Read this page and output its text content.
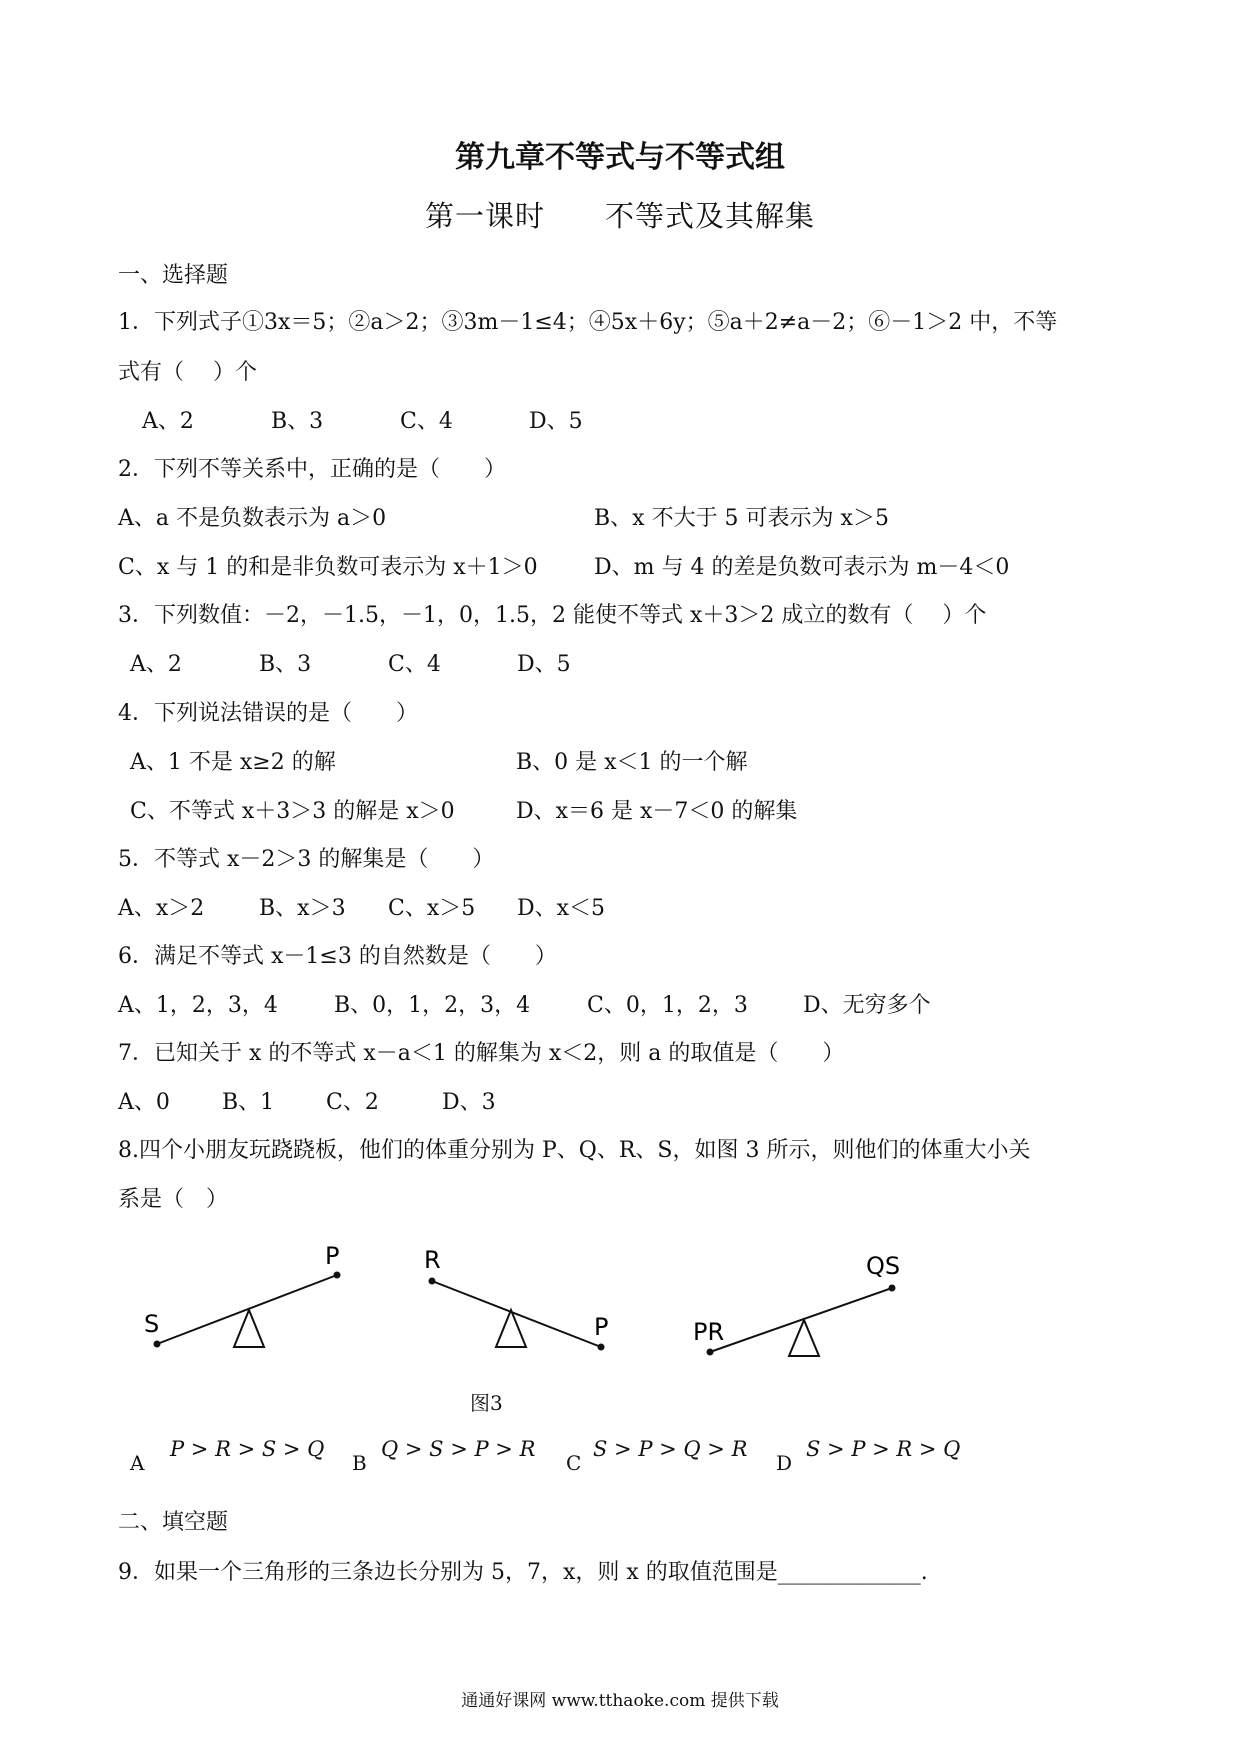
第九章不等式与不等式组
第一课时　　不等式及其解集
一、选择题
1．下列式子①3x＝5；②a＞2；③3m－1≤4；④5x＋6y；⑤a＋2≠a－2；⑥－1＞2 中，不等
式有（　 ）个
A、2	B、3	C、4	D、5
2．下列不等关系中，正确的是（　　）
A、a 不是负数表示为 a＞0	B、x 不大于 5 可表示为 x＞5
C、x 与 1 的和是非负数可表示为 x＋1＞0	D、m 与 4 的差是负数可表示为 m－4＜0
3．下列数值：－2，－1.5，－1，0，1.5，2 能使不等式 x＋3＞2 成立的数有（　 ）个
A、2	B、3	C、4	D、5
4．下列说法错误的是（　　）
A、1 不是 x≥2 的解	B、0 是 x＜1 的一个解
C、不等式 x＋3＞3 的解是 x＞0	D、x＝6 是 x－7＜0 的解集
5．不等式 x－2＞3 的解集是（　　）
A、x＞2 B、x＞3 C、x＞5 D、x＜5
6．满足不等式 x－1≤3 的自然数是（　　）
A、1，2，3，4	B、0，1，2，3，4	C、0，1，2，3	D、无穷多个
7．已知关于 x 的不等式 x－a＜1 的解集为 x＜2，则 a 的取值是（　　）
A、0 B、1 C、2	D、3
8.四个小朋友玩跷跷板，他们的体重分别为 P、Q、R、S，如图 3 所示，则他们的体重大小关
系是（　）
S
P	R
P	PR
QS
图3
A
P > R > S > Q
B
Q > S > P > R
C
S > P > Q > R
D
S > P > R > Q
二、填空题
9．如果一个三角形的三条边长分别为 5，7，x，则 x 的取值范围是_____________.
通通好课网 www.tthaoke.com 提供下载
